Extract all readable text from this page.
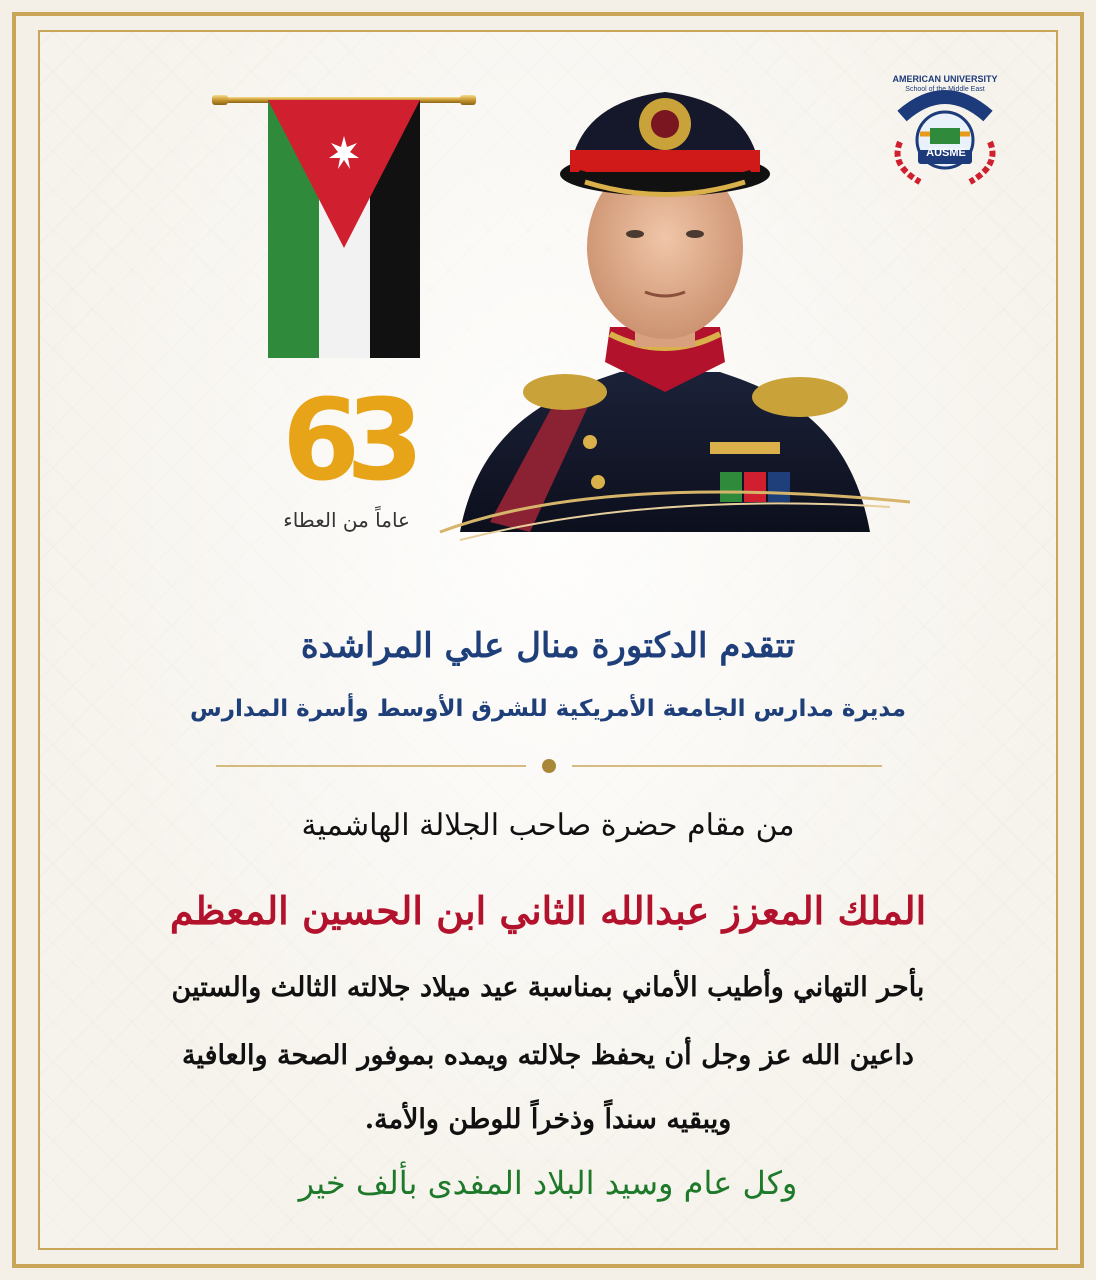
63
عاماً من العطاء
AMERICAN UNIVERSITY
School of the Middle East
AUSME
تتقدم الدكتورة منال علي المراشدة
مديرة مدارس الجامعة الأمريكية للشرق الأوسط وأسرة المدارس
من مقام حضرة صاحب الجلالة الهاشمية
الملك المعزز عبدالله الثاني ابن الحسين المعظم
بأحر التهاني وأطيب الأماني بمناسبة عيد ميلاد جلالته الثالث والستين
داعين الله عز وجل أن يحفظ جلالته ويمده بموفور الصحة والعافية
ويبقيه سنداً وذخراً للوطن والأمة.
وكل عام وسيد البلاد المفدى بألف خير
